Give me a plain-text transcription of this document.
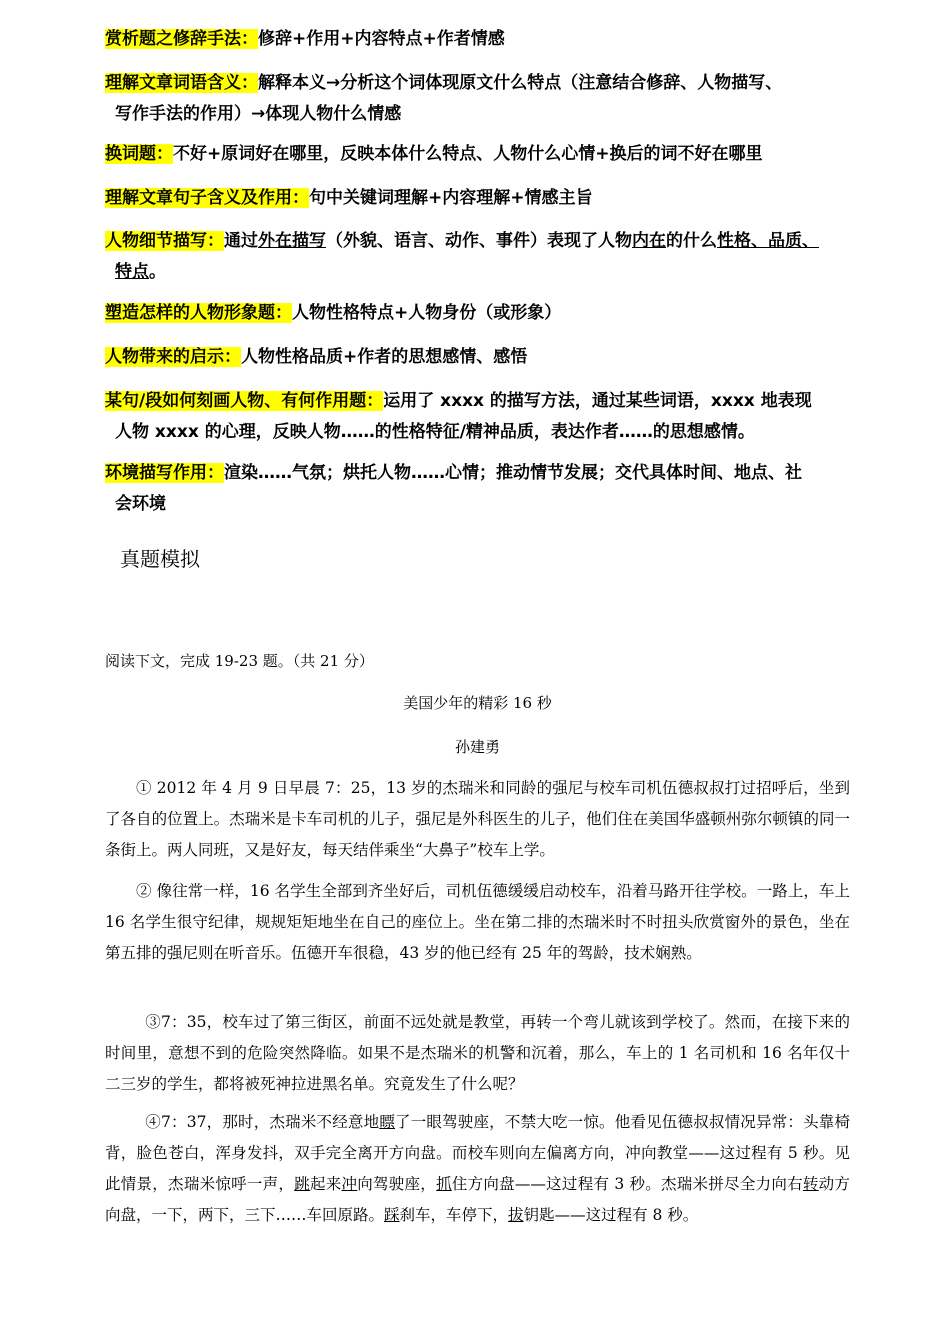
赏析题之修辞手法：修辞+作用+内容特点+作者情感
理解文章词语含义：解释本义→分析这个词体现原文什么特点（注意结合修辞、人物描写、
写作手法的作用）→体现人物什么情感
换词题：不好+原词好在哪里，反映本体什么特点、人物什么心情+换后的词不好在哪里
理解文章句子含义及作用：句中关键词理解+内容理解+情感主旨
人物细节描写：通过外在描写（外貌、语言、动作、事件）表现了人物内在的什么性格、品质、
特点。
塑造怎样的人物形象题：人物性格特点+人物身份（或形象）
人物带来的启示：人物性格品质+作者的思想感情、感悟
某句/段如何刻画人物、有何作用题：运用了 xxxx 的描写方法，通过某些词语，xxxx 地表现
人物 xxxx 的心理，反映人物……的性格特征/精神品质，表达作者……的思想感情。
环境描写作用：渲染……气氛；烘托人物……心情；推动情节发展；交代具体时间、地点、社
会环境
真题模拟
阅读下文，完成 19-23 题。（共 21 分）
美国少年的精彩 16 秒
孙建勇
① 2012 年 4 月 9 日早晨 7：25，13 岁的杰瑞米和同龄的强尼与校车司机伍德叔叔打过招呼后，坐到了各自的位置上。杰瑞米是卡车司机的儿子，强尼是外科医生的儿子，他们住在美国华盛顿州弥尔顿镇的同一条街上。两人同班，又是好友，每天结伴乘坐“大鼻子”校车上学。
② 像往常一样，16 名学生全部到齐坐好后，司机伍德缓缓启动校车，沿着马路开往学校。一路上，车上 16 名学生很守纪律，规规矩矩地坐在自己的座位上。坐在第二排的杰瑞米时不时扭头欣赏窗外的景色，坐在第五排的强尼则在听音乐。伍德开车很稳，43 岁的他已经有 25 年的驾龄，技术娴熟。
③7：35，校车过了第三街区，前面不远处就是教堂，再转一个弯儿就该到学校了。然而，在接下来的时间里，意想不到的危险突然降临。如果不是杰瑞米的机警和沉着，那么，车上的 1 名司机和 16 名年仅十二三岁的学生，都将被死神拉进黑名单。究竟发生了什么呢？
④7：37，那时，杰瑞米不经意地瞟了一眼驾驶座，不禁大吃一惊。他看见伍德叔叔情况异常：头靠椅背，脸色苍白，浑身发抖，双手完全离开方向盘。而校车则向左偏离方向，冲向教堂——这过程有 5 秒。见此情景，杰瑞米惊呼一声，跳起来冲向驾驶座，抓住方向盘——这过程有 3 秒。杰瑞米拼尽全力向右转动方向盘，一下，两下，三下……车回原路。踩刹车，车停下，拔钥匙——这过程有 8 秒。
